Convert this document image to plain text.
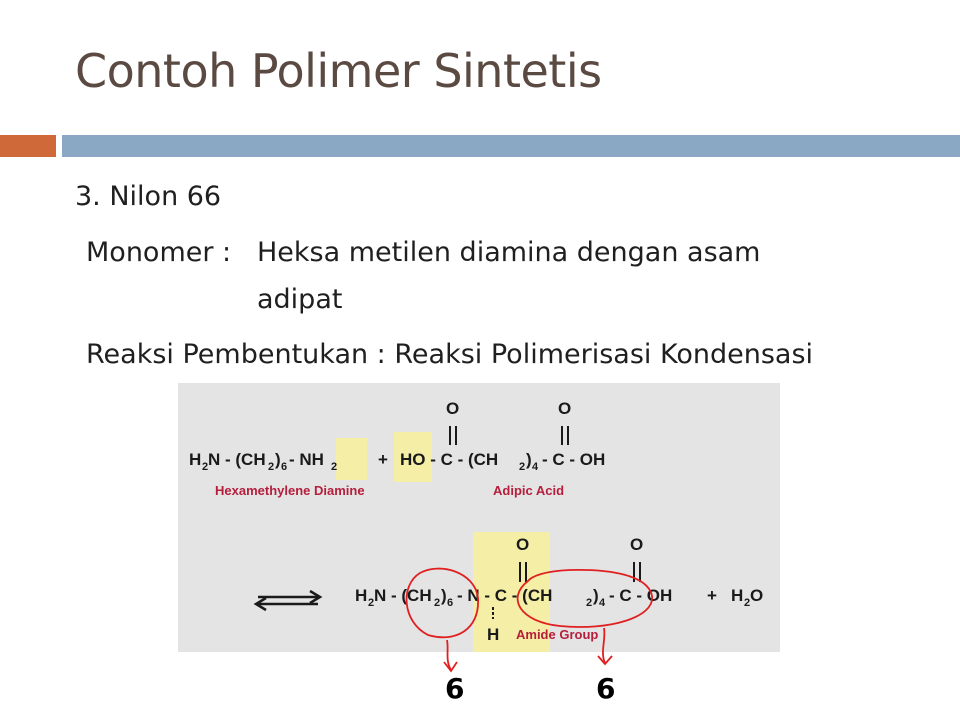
Contoh Polimer Sintetis
3. Nilon 66
Monomer : Heksa metilen diamina dengan asam
adipat
Reaksi Pembentukan : Reaksi Polimerisasi Kondensasi
H 2 N - (CH 2 ) 6 - NH 2 + HO - C - (CH 2 ) 4 - C - OH
O	O
Hexamethylene Diamine	Adipic Acid
H 2 N - (CH 2 ) 6 - N - C - (CH	2 ) 4 - C - OH + H 2 O
H
O	O
Amide Group
6	6
